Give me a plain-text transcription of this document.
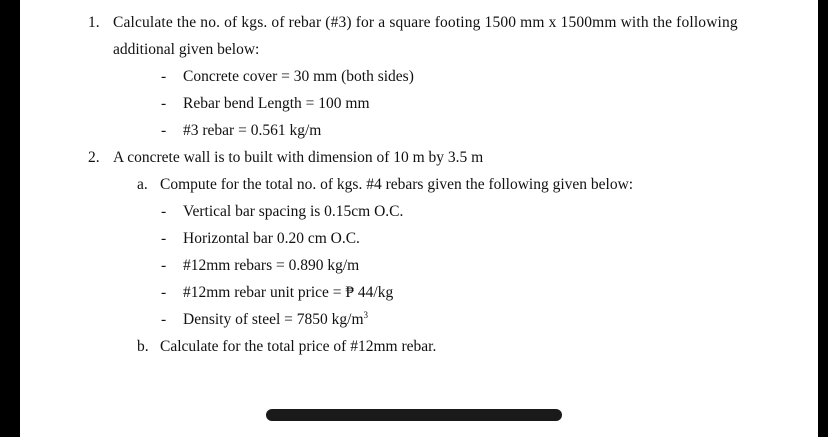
1. Calculate the no. of kgs. of rebar (#3) for a square footing 1500 mm x 1500mm with the following
additional given below:
- Concrete cover = 30 mm (both sides)
- Rebar bend Length = 100 mm
- #3 rebar = 0.561 kg/m
2. A concrete wall is to built with dimension of 10 m by 3.5 m
a. Compute for the total no. of kgs. #4 rebars given the following given below:
- Vertical bar spacing is 0.15cm O.C.
- Horizontal bar 0.20 cm O.C.
- #12mm rebars = 0.890 kg/m
- #12mm rebar unit price = ₱ 44/kg
- Density of steel = 7850 $kg/m^3$
b. Calculate for the total price of #12mm rebar.
